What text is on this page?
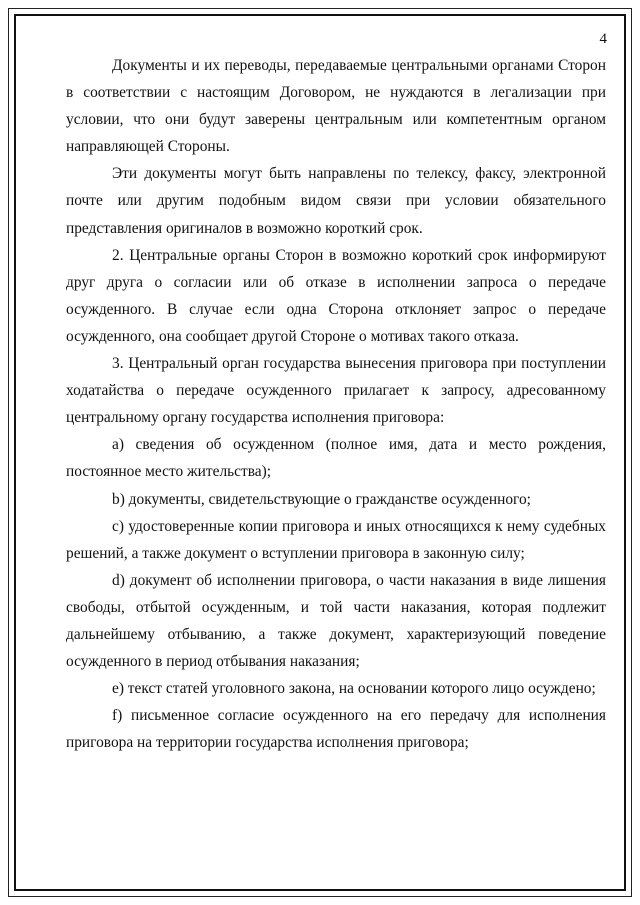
4

Документы и их переводы, передаваемые центральными органами Сторон в соответствии с настоящим Договором, не нуждаются в легализации при условии, что они будут заверены центральным или компетентным органом направляющей Стороны.

Эти документы могут быть направлены по телексу, факсу, электронной почте или другим подобным видом связи при условии обязательного представления оригиналов в возможно короткий срок.

2. Центральные органы Сторон в возможно короткий срок информируют друг друга о согласии или об отказе в исполнении запроса о передаче осужденного. В случае если одна Сторона отклоняет запрос о передаче осужденного, она сообщает другой Стороне о мотивах такого отказа.

3. Центральный орган государства вынесения приговора при поступлении ходатайства о передаче осужденного прилагает к запросу, адресованному центральному органу государства исполнения приговора:

a) сведения об осужденном (полное имя, дата и место рождения, постоянное место жительства);

b) документы, свидетельствующие о гражданстве осужденного;

c) удостоверенные копии приговора и иных относящихся к нему судебных решений, а также документ о вступлении приговора в законную силу;

d) документ об исполнении приговора, о части наказания в виде лишения свободы, отбытой осужденным, и той части наказания, которая подлежит дальнейшему отбыванию, а также документ, характеризующий поведение осужденного в период отбывания наказания;

e) текст статей уголовного закона, на основании которого лицо осуждено;

f) письменное согласие осужденного на его передачу для исполнения приговора на территории государства исполнения приговора;
